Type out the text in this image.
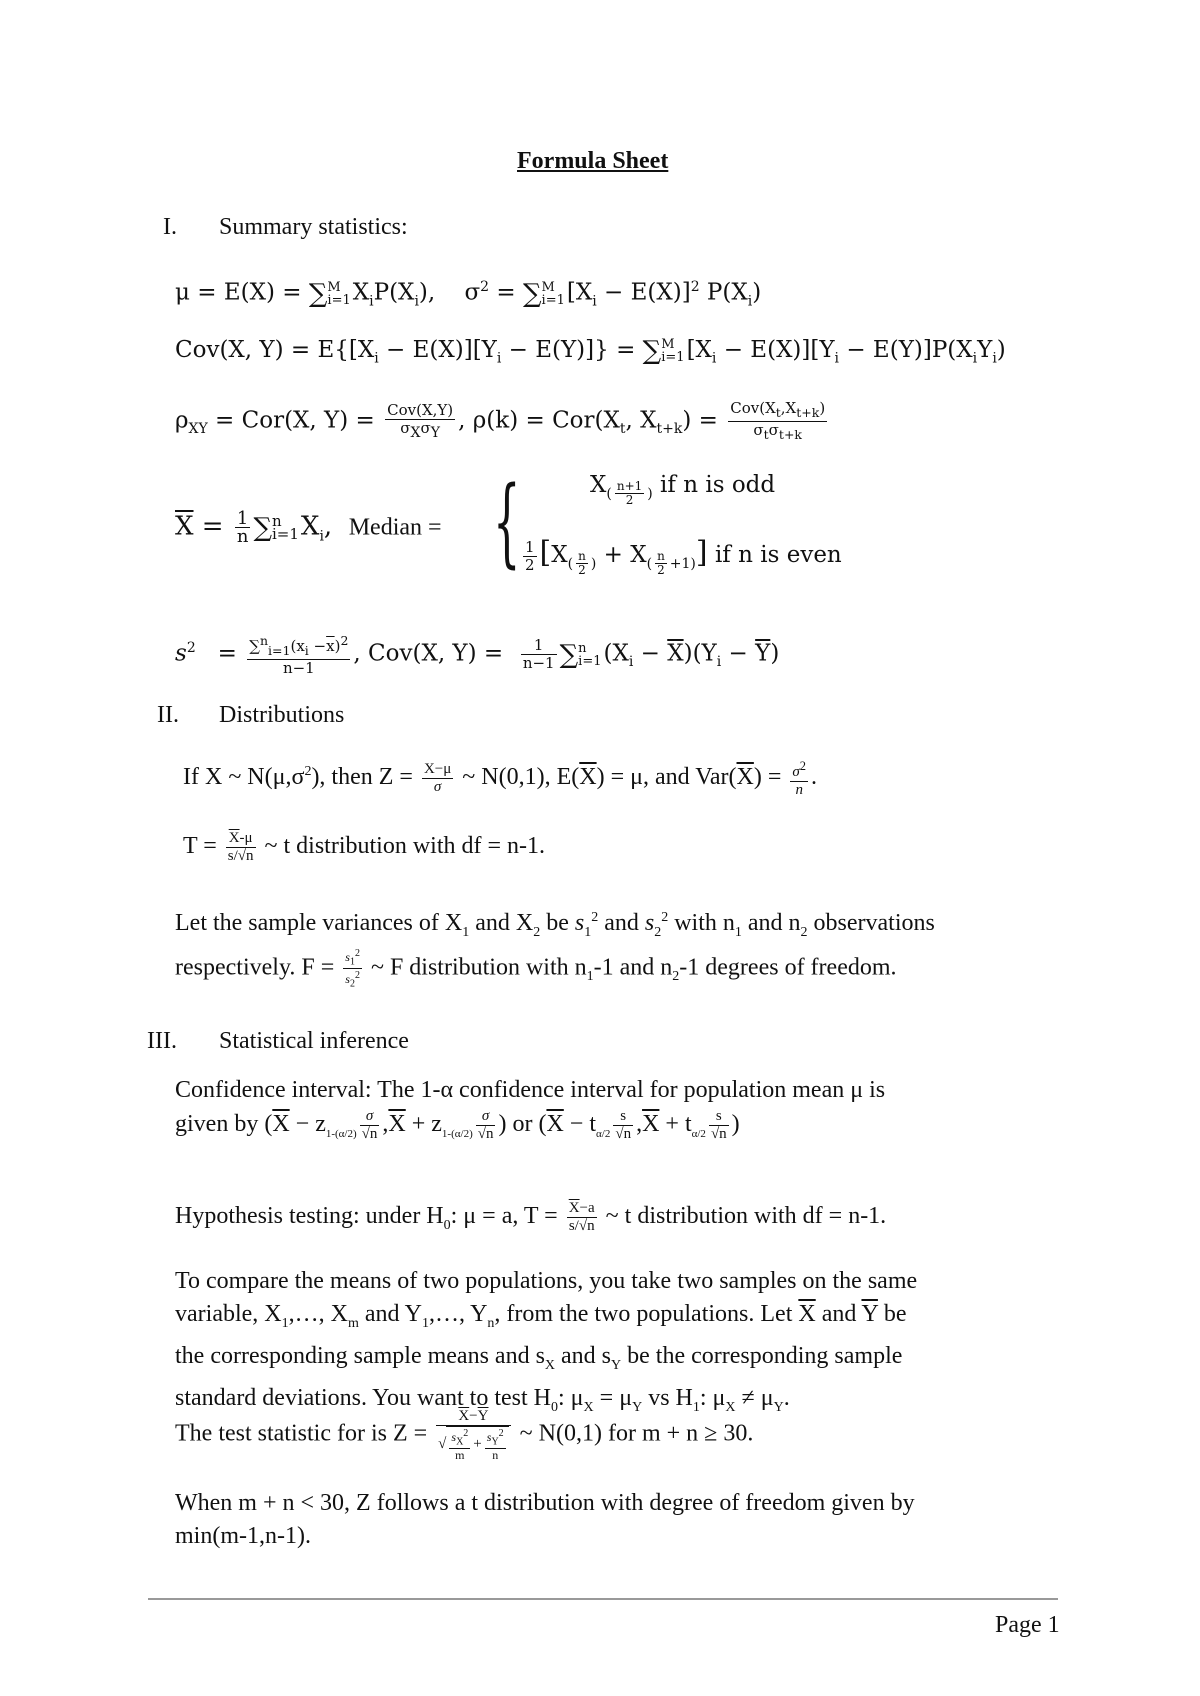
Formula Sheet
I. Summary statistics:
μ = E(X) = ∑ M
i=1 $X_iP(X_i)$,    $\sigma^2$ = ∑ M
i=1 $[X_i - E(X)]^2$ $P(X_i)$
Cov(X, $Y) = E\{[X_i - E(X)][Y_i - E(Y)]\}$ = ∑ M
i=1 $[X_i - E(X)][Y_i - E(Y)]P(X_iY_i)$
$\rho_{XY} = Cor(X$, $Y) = \frac{\text{Cov(X,Y)}}{\sigma_X\sigma_Y}$ , $\rho(k) = Cor(X_t$, $X_{t+k}) = \frac{Cov(X_t,X_{t+k})}{\sigma_t\sigma_{t+k}}$
$\overline{X} = \frac{1}{n}$ ∑ n
i=1 $X_i$,  Median = {	$X_{( \frac{n+1}{2} )}$ if n is odd
$\frac{1}{2} [X_{( \frac{n}{2} )} + X_{( \frac{n}{2} +1)}]$ if n is even
$s^2 = \frac{\sum^n_{i=1}(x_i -\overline{x})^2}{n-1}$ , Cov(X, $Y) = \frac{1}{n-1}$ ∑ n
i=1 $(X_i - \overline{X})(Y_i - \overline{Y})$
II. Distributions
If X ~ $N(\mu,\sigma^2)$, then $Z = \frac{X-\mu}{\sigma}$ ~ N(0,1), $E(\overline{X}) = \mu$, and $Var(\overline{X}) = \frac{\sigma^2}{n}$ .
$T = \frac{\overline{X}-\mu}{s/√n}$ ~ t distribution with df = n-1.
Let the sample variances of $X_1$ and $X_2$ be $s_1^2$ and $s_2^2$ with $n_1$ and $n_2$ observations
respectively. $F = \frac{s_1^2}{s_2^2}$ ~ F distribution with $n_1-1$ and $n_2-1$ degrees of freedom.
III. Statistical inference
Confidence interval: The 1-α confidence interval for population mean μ is
given by ($\overline{X} - z_{1-(\alpha/2)} \frac{\sigma}{√n} ,\overline{X} + z_{1-(\alpha/2)} \frac{\sigma}{√n}$ ) or ($\overline{X} - t_{\alpha/2} \frac{s}{√n} ,\overline{X} + t_{\alpha/2} \frac{s}{√n}$ )
Hypothesis testing: under $H_0$: μ = a, $T = \frac{\overline{X}-a}{s/√n}$ ~ t distribution with df = n-1.
To compare the means of two populations, you take two samples on the same
variable, $X_1,\dots$, $X_m$ and $Y_1,\dots$, $Y_n$, from the two populations. Let $\overline{X}$ and $\overline{Y}$ be
the corresponding sample means and $s_X$ and $s_Y$ be the corresponding sample
standard deviations. You want to test $H_0$: $\mu_X = \mu_Y$ vs $H_1$: $\mu_X \ne \mu_Y$.
The test statistic for is $Z = \frac{\overline{X}-\overline{Y}}{√ \frac{s_X^2}{m} + \frac{s_Y^2}{n}}$ ~ N(0,1) for m + n ≥ 30.
When m + n < 30, Z follows a t distribution with degree of freedom given by
min(m-1,n-1).
Page 1
